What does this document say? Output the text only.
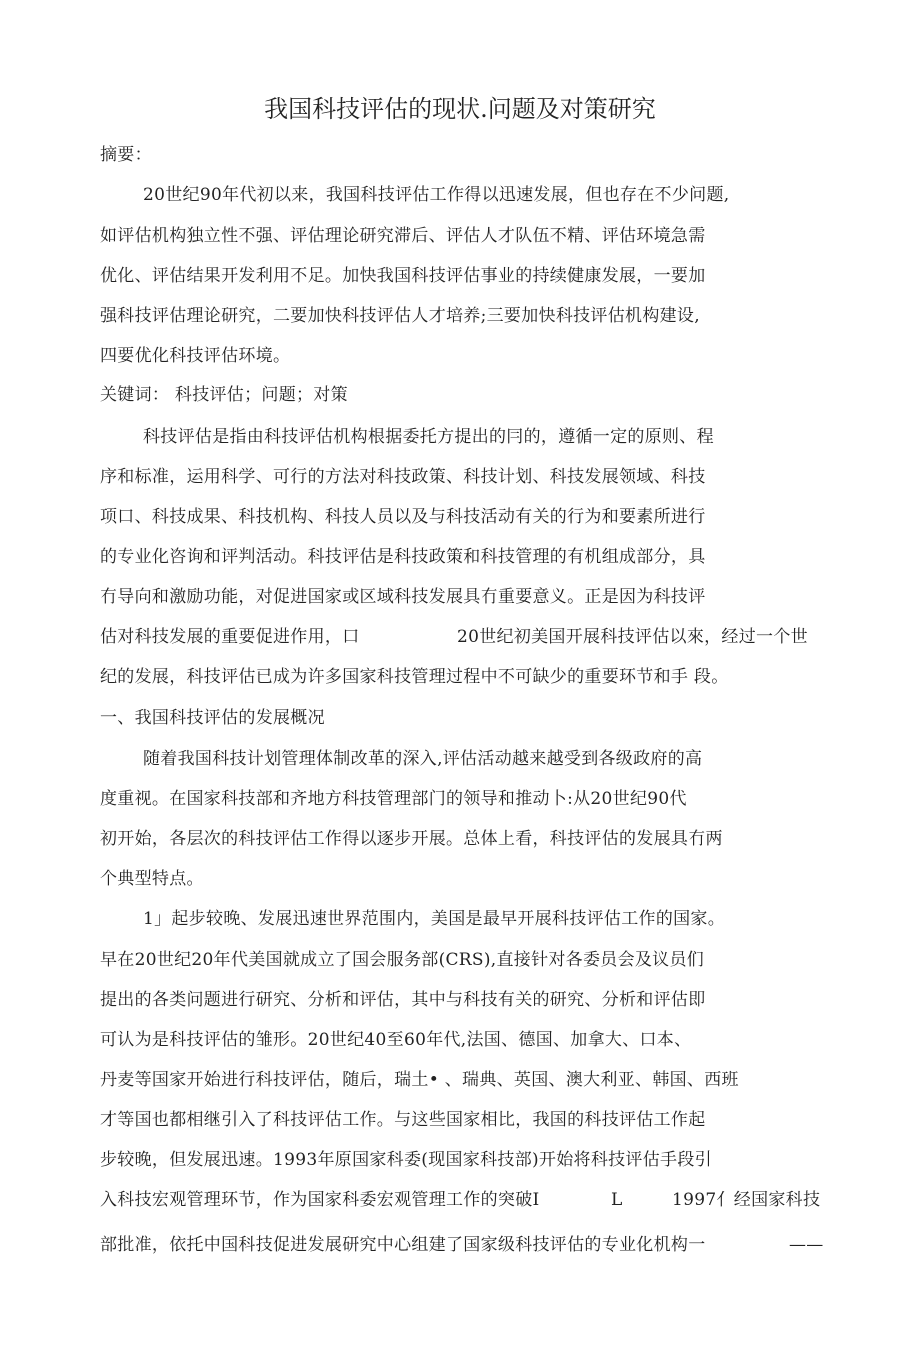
我国科技评估的现状.问题及对策研究
摘要：
20世纪90年代初以来，我国科技评估工作得以迅速发展，但也存在不少问题,
如评估机构独立性不强、评估理论研究滞后、评估人才队伍不精、评估环境急需
优化、评估结果开发利用不足。加快我国科技评估事业的持续健康发展，一要加
强科技评估理论研究，二要加快科技评估人才培养;三要加快科技评估机构建设,
四要优化科技评估环境。
关键词： 科技评估；问题；对策
科技评估是指由科技评估机构根据委托方提出的冃的，遵循一定的原则、程
序和标准，运用科学、可行的方法对科技政策、科技计划、科技发展领域、科技
项口、科技成果、科技机构、科技人员以及与科技活动有关的行为和要素所进行
的专业化咨询和评判活动。科技评估是科技政策和科技管理的有机组成部分，具
冇导向和激励功能，对促进国家或区域科技发展具冇重要意义。正是因为科技评
估对科技发展的重要促进作用，口	20世纪初美国开展科技评估以來，经过一个世
纪的发展，科技评估已成为许多国家科技管理过程中不可缺少的重要环节和手 段。
一、我国科技评估的发展概况
随着我国科技计划管理体制改革的深入,评估活动越来越受到各级政府的高
度重视。在国家科技部和齐地方科技管理部门的领导和推动卜:从20世纪90代
初开始，各层次的科技评估工作得以逐步开展。总体上看，科技评估的发展具冇两
个典型特点。
1」起步较晚、发展迅速世界范围内，美国是最早开展科技评估工作的国家。
早在20世纪20年代美国就成立了国会服务部(CRS),直接针对各委员会及议员们
提出的各类问题进行研究、分析和评估，其中与科技有关的研究、分析和评估即
可认为是科技评估的雏形。20世纪40至60年代,法国、德国、加拿大、口本、
丹麦等国家开始进行科技评估，随后，瑞土• 、瑞典、英国、澳大利亚、韩国、西班
才等国也都相继引入了科技评估工作。与这些国家相比，我国的科技评估工作起
步较晚，但发展迅速。1993年原国家科委(现国家科技部)开始将科技评估手段引
入科技宏观管理环节，作为国家科委宏观管理工作的突破I	L	1997亻经国家科技
部批准，依托中国科技促进发展研究中心组建了国家级科技评估的专业化机构一	——
